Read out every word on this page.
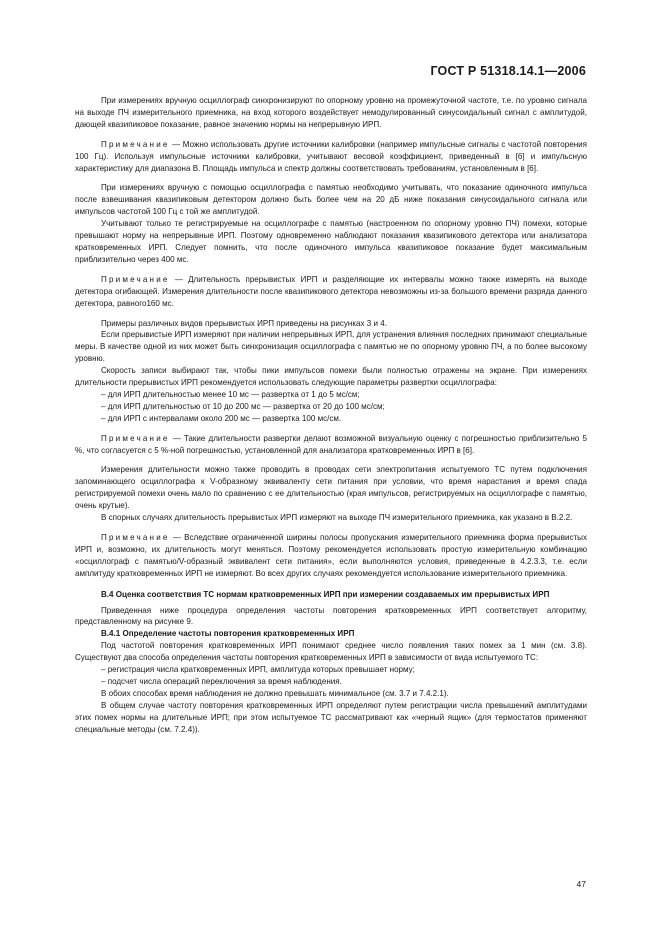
ГОСТ Р 51318.14.1—2006

При измерениях вручную осциллограф синхронизируют по опорному уровню на промежуточной частоте, т.е. по уровню сигнала на выходе ПЧ измерительного приемника, на вход которого воздействует немодулированный синусоидальный сигнал с амплитудой, дающей квазипиковое показание, равное значению нормы на непрерывную ИРП.

Примечание — Можно использовать другие источники калибровки (например импульсные сигналы с частотой повторения 100 Гц). Используя импульсные источники калибровки, учитывают весовой коэффициент, приведенный в [6] и импульсную характеристику для диапазона В. Площадь импульса и спектр должны соответствовать требованиям, установленным в [6].

При измерениях вручную с помощью осциллографа с памятью необходимо учитывать, что показание одиночного импульса после взвешивания квазипиковым детектором должно быть более чем на 20 дБ ниже показания синусоидального сигнала или импульсов частотой 100 Гц с той же амплитудой.

Учитывают только те регистрируемые на осциллографе с памятью (настроенном по опорному уровню ПЧ) помехи, которые превышают норму на непрерывные ИРП. Поэтому одновременно наблюдают показания квазипикового детектора или анализатора кратковременных ИРП. Следует помнить, что после одиночного импульса квазипиковое показание будет максимальным приблизительно через 400 мс.

Примечание — Длительность прерывистых ИРП и разделяющие их интервалы можно также измерять на выходе детектора огибающей. Измерения длительности после квазипикового детектора невозможны из-за большого времени разряда данного детектора, равного160 мс.

Примеры различных видов прерывистых ИРП приведены на рисунках 3 и 4.

Если прерывистые ИРП измеряют при наличии непрерывных ИРП, для устранения влияния последних принимают специальные меры. В качестве одной из них может быть синхронизация осциллографа с памятью не по опорному уровню ПЧ, а по более высокому уровню.

Скорость записи выбирают так, чтобы пики импульсов помехи были полностью отражены на экране. При измерениях длительности прерывистых ИРП рекомендуется использовать следующие параметры развертки осциллографа:

– для ИРП длительностью менее 10 мс — развертка от 1 до 5 мс/см;

– для ИРП длительностью от 10 до 200 мс — развертка от 20 до 100 мс/см;

– для ИРП с интервалами около 200 мс — развертка 100 мс/см.

Примечание — Такие длительности развертки делают возможной визуальную оценку с погрешностью приблизительно 5 %, что согласуется с 5 %-ной погрешностью, установленной для анализатора кратковременных ИРП в [6].

Измерения длительности можно также проводить в проводах сети электропитания испытуемого ТС путем подключения запоминающего осциллографа к V-образному эквиваленту сети питания при условии, что время нарастания и время спада регистрируемой помехи очень мало по сравнению с ее длительностью (края импульсов, регистрируемых на осциллографе с памятью, очень крутые).

В спорных случаях длительность прерывистых ИРП измеряют на выходе ПЧ измерительного приемника, как указано в В.2.2.

Примечание — Вследствие ограниченной ширины полосы пропускания измерительного приемника форма прерывистых ИРП и, возможно, их длительность могут меняться. Поэтому рекомендуется использовать простую измерительную комбинацию «осциллограф с памятью/V-образный эквивалент сети питания», если выполняются условия, приведенные в 4.2.3.3, т.е. если амплитуду кратковременных ИРП не измеряют. Во всех других случаях рекомендуется использование измерительного приемника.

В.4 Оценка соответствия ТС нормам кратковременных ИРП при измерении создаваемых им прерывистых ИРП

Приведенная ниже процедура определения частоты повторения кратковременных ИРП соответствует алгоритму, представленному на рисунке 9.

В.4.1 Определение частоты повторения кратковременных ИРП

Под частотой повторения кратковременных ИРП понимают среднее число появления таких помех за 1 мин (см. 3.8). Существуют два способа определения частоты повторения кратковременных ИРП в зависимости от вида испытуемого ТС:

– регистрация числа кратковременных ИРП, амплитуда которых превышает норму;

– подсчет числа операций переключения за время наблюдения.

В обоих способах время наблюдения не должно превышать минимальное (см. 3.7 и 7.4.2.1).

В общем случае частоту повторения кратковременных ИРП определяют путем регистрации числа превышений амплитудами этих помех нормы на длительные ИРП; при этом испытуемое ТС рассматривают как «черный ящик» (для термостатов применяют специальные методы (см. 7.2.4)).

47
